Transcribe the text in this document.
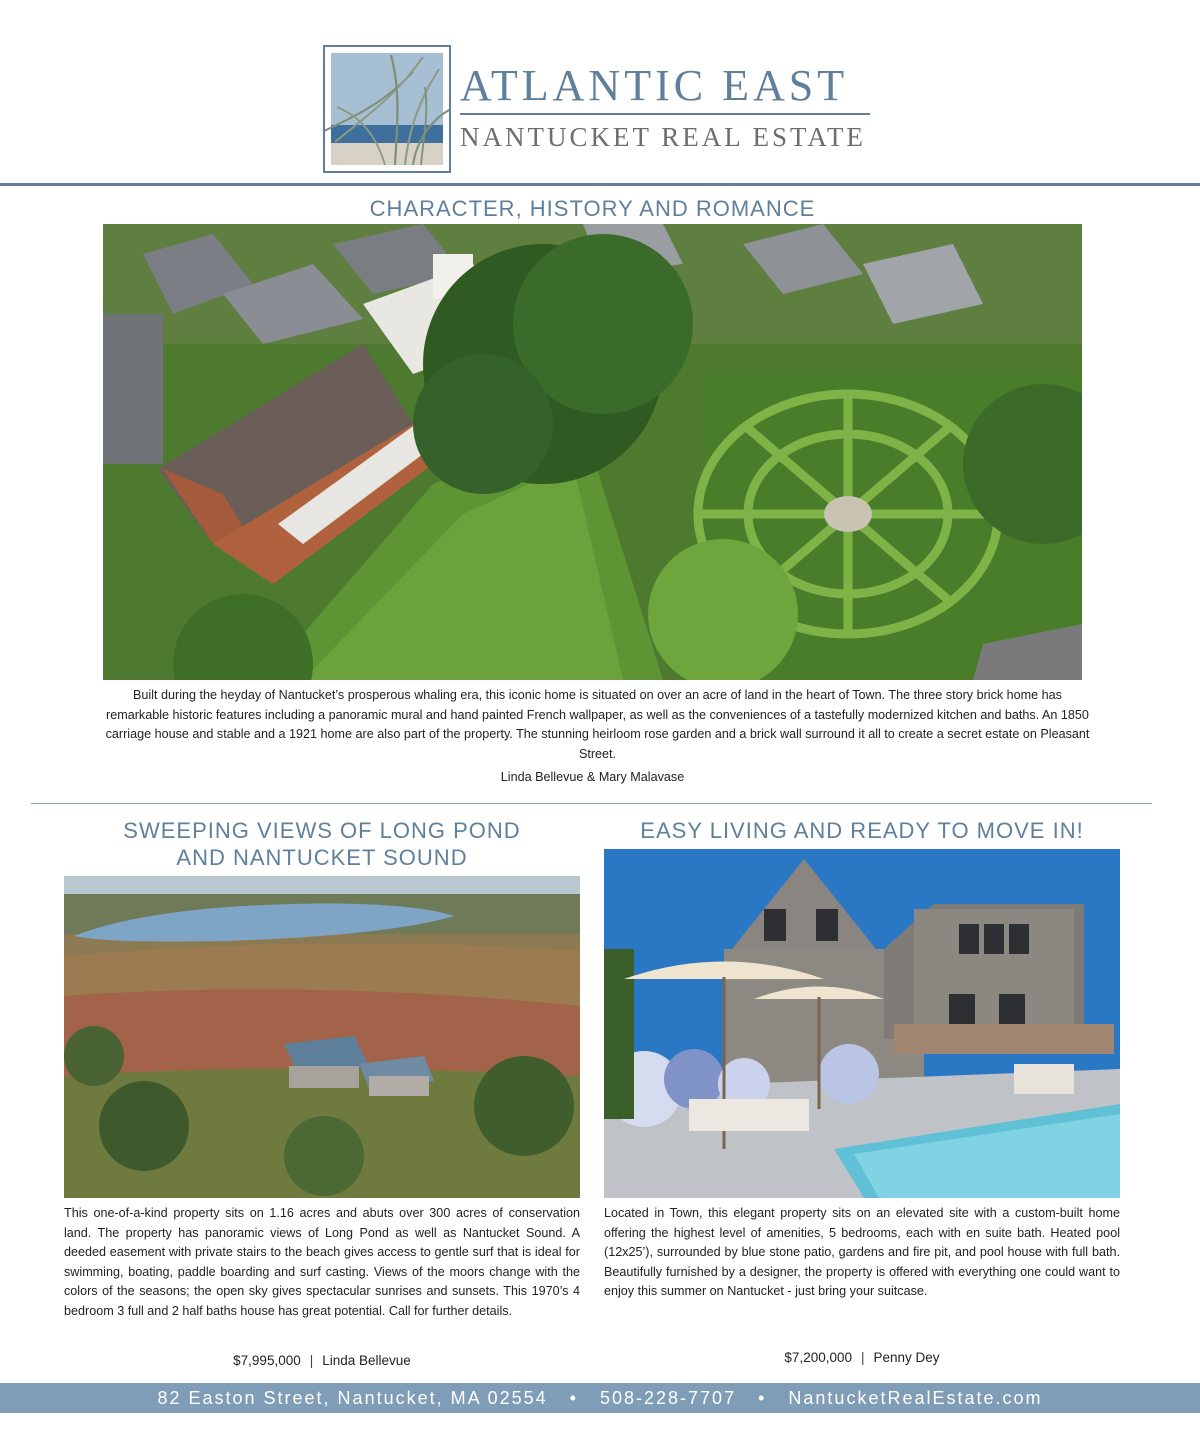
ATLANTIC EAST
NANTUCKET REAL ESTATE
CHARACTER, HISTORY AND ROMANCE
Built during the heyday of Nantucket’s prosperous whaling era, this iconic home is situated on over an acre of land in the heart of Town. The three story brick home has remarkable historic features including a panoramic mural and hand painted French wallpaper, as well as the conveniences of a tastefully modernized kitchen and baths. An 1850 carriage house and stable and a 1921 home are also part of the property. The stunning heirloom rose garden and a brick wall surround it all to create a secret estate on Pleasant Street.
Linda Bellevue & Mary Malavase
SWEEPING VIEWS OF LONG POND
AND NANTUCKET SOUND
This one-of-a-kind property sits on 1.16 acres and abuts over 300 acres of conservation land. The property has panoramic views of Long Pond as well as Nantucket Sound. A deeded easement with private stairs to the beach gives access to gentle surf that is ideal for swimming, boating, paddle boarding and surf casting. Views of the moors change with the colors of the seasons; the open sky gives spectacular sunrises and sunsets. This 1970’s 4 bedroom 3 full and 2 half baths house has great potential. Call for further details.
$7,995,000 | Linda Bellevue
EASY LIVING AND READY TO MOVE IN!
Located in Town, this elegant property sits on an elevated site with a custom-built home offering the highest level of amenities, 5 bedrooms, each with en suite bath. Heated pool (12x25’), surrounded by blue stone patio, gardens and fire pit, and pool house with full bath. Beautifully furnished by a designer, the property is offered with everything one could want to enjoy this summer on Nantucket - just bring your suitcase.
$7,200,000 | Penny Dey
82 Easton Street, Nantucket, MA 02554 • 508-228-7707 • NantucketRealEstate.com
